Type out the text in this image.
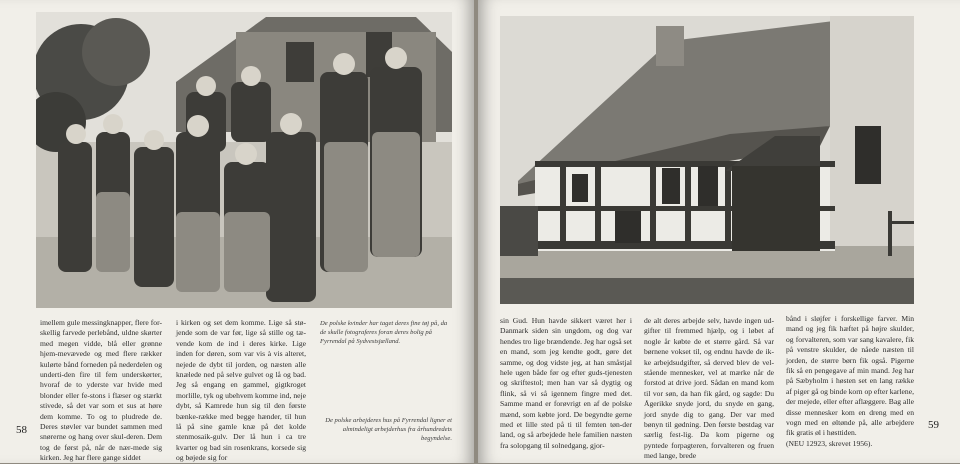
imellem gule messingknapper, flere for-skellig farvede perlebånd, uldne skørter med megen vidde, blå eller grønne hjem-mevævede og med flere rækker kulørte bånd forneden på nederdelen og underti-den fire til fem underskørter, hvoraf de to yderste var hvide med blonder eller fe-stons i flæser og stærkt stivede, så det var som et sus at høre dem komme. To og to pludrede de. Deres støvler var bundet sammen med snørerne og hang over skul-deren. Dem tog de først på, når de nær-mede sig kirken. Jeg har flere gange siddet

i kirken og set dem komme. Lige så stø-jende som de var før, lige så stille og tæ-vende kom de ind i deres kirke. Lige inden for døren, som var vis à vis alteret, nejede de dybt til jorden, og næsten alle knælede ned på selve gulvet og lå og bad. Jeg så engang en gammel, gigtkroget morlille, tyk og ubehvem komme ind, neje dybt, så Kamrede hun sig til den første bænke-række med begge hænder, til hun lå på sine gamle knæ på det kolde stenmosaik-gulv. Der lå hun i ca tre kvarter og bad sin rosenkrans, korsede sig og bøjede sig for

De polske kvinder har taget deres fine tøj på, da de skulle fotograferes foran deres bolig på Fyrrendal på Sydvestsjælland.
De polske arbejderes hus på Fyrrendal ligner et almindeligt arbejderhus fra århundredets begyndelse.
58

sin Gud. Hun havde sikkert været her i Danmark siden sin ungdom, og dog var hendes tro lige brændende. Jeg har også set en mand, som jeg kendte godt, gøre det samme, og dog vidste jeg, at han småstjal hele ugen både før og efter guds-tjenesten og skriftestol; men han var så dygtig og flink, så vi så igennem fingre med det. Samme mand er forøvrigt en af de polske mænd, som købte jord. De begyndte gerne med et lille sted på ti til femten tøn-der land, og så arbejdede hele familien næsten fra solopgang til solnedgang, gjor-

de alt deres arbejde selv, havde ingen ud-gifter til fremmed hjælp, og i løbet af nogle år købte de et større gård. Så var børnene vokset til, og endnu havde de ik-ke arbejdsudgifter, så derved blev de vel-stående mennesker, vel at mærke når de forstod at drive jord. Sådan en mand kom til vor søn, da han fik gård, og sagde: Du Ågerikke snyde jord, du snyde en gang, jord snyde dig to gang. Der var med bønyn til gødning. Den første bøstdag var særlig fest-lig. Da kom pigerne og pyntede forpagteren, forvalteren og fruen med lange, brede

bånd i sløjfer i forskellige farver. Min mand og jeg fik hæftet på højre skulder, og forvalteren, som var sang kavalere, fik på venstre skulder, de nåede næsten til jorden, de større børn fik også. Pigerne fik så en pengegave af min mand. Jeg har på Sæbyholm i høsten set en lang række af piger gå og binde korn op efter karlene, der mejede, eller efter aflæggere. Bag alle disse mennesker kom en dreng med en vogn med en øltønde på, alle arbejdere fik gratis øl i høsttiden.

(NEU 12923, skrevet 1956).

59
